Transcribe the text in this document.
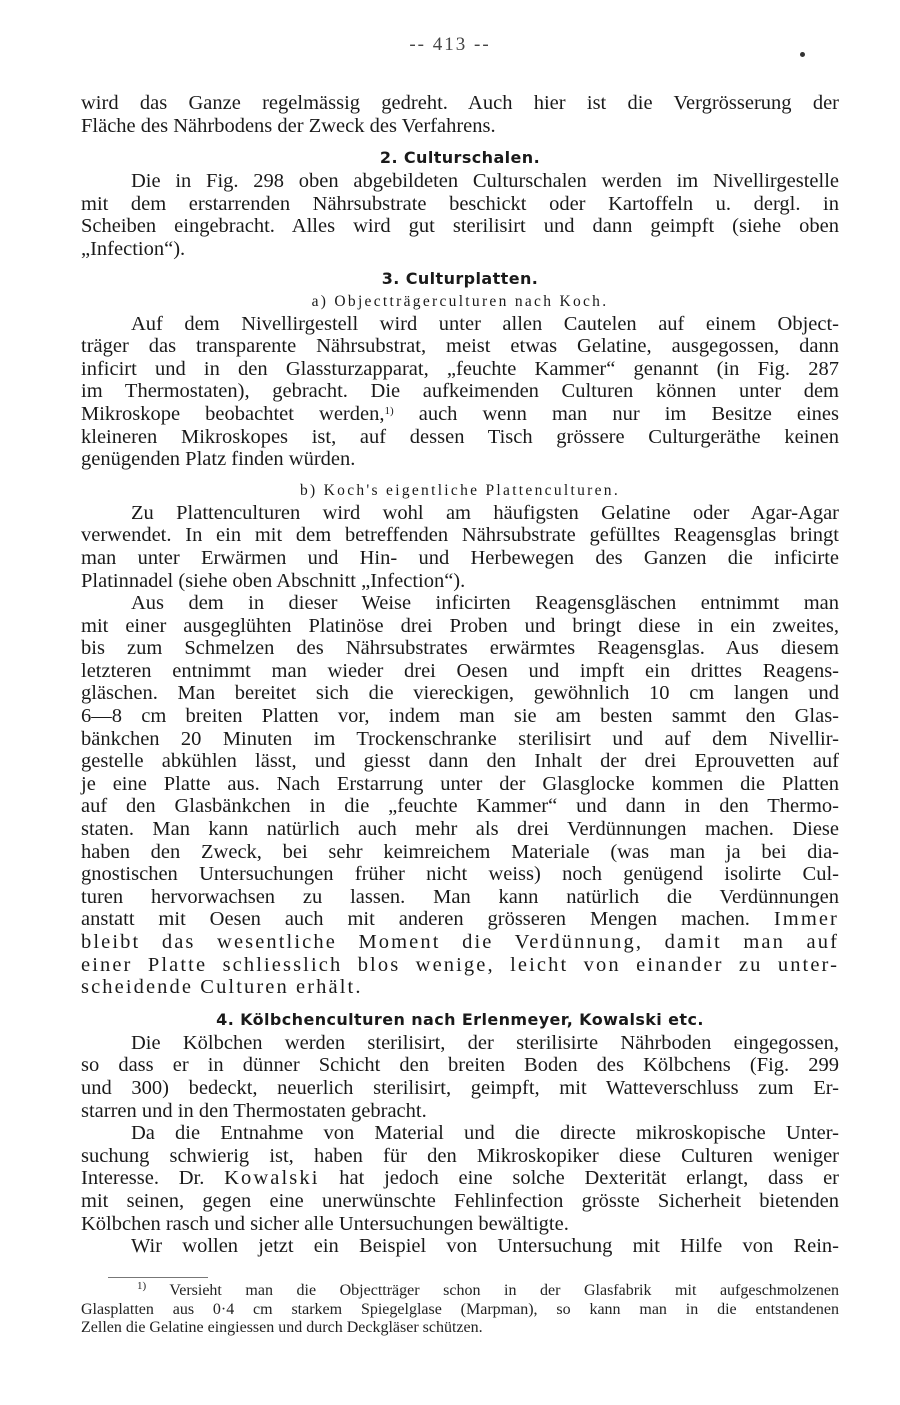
-- 413 --
wird das Ganze regelmässig gedreht. Auch hier ist die Vergrösserung der
Fläche des Nährbodens der Zweck des Verfahrens.
2. Culturschalen.
Die in Fig. 298 oben abgebildeten Culturschalen werden im Nivellirgestelle
mit dem erstarrenden Nährsubstrate beschickt oder Kartoffeln u. dergl. in
Scheiben eingebracht. Alles wird gut sterilisirt und dann geimpft (siehe oben
„Infection“).
3. Culturplatten.
a) Objectträgerculturen nach Koch.
Auf dem Nivellirgestell wird unter allen Cautelen auf einem Object-
träger das transparente Nährsubstrat, meist etwas Gelatine, ausgegossen, dann
inficirt und in den Glassturzapparat, „feuchte Kammer“ genannt (in Fig. 287
im Thermostaten), gebracht. Die aufkeimenden Culturen können unter dem
Mikroskope beobachtet werden,$^{1)}$ auch wenn man nur im Besitze eines
kleineren Mikroskopes ist, auf dessen Tisch grössere Culturgeräthe keinen
genügenden Platz finden würden.
b) Koch's eigentliche Plattenculturen.
Zu Plattenculturen wird wohl am häufigsten Gelatine oder Agar-Agar
verwendet. In ein mit dem betreffenden Nährsubstrate gefülltes Reagensglas bringt
man unter Erwärmen und Hin- und Herbewegen des Ganzen die inficirte
Platinnadel (siehe oben Abschnitt „Infection“).
Aus dem in dieser Weise inficirten Reagensgläschen entnimmt man
mit einer ausgeglühten Platinöse drei Proben und bringt diese in ein zweites,
bis zum Schmelzen des Nährsubstrates erwärmtes Reagensglas. Aus diesem
letzteren entnimmt man wieder drei Oesen und impft ein drittes Reagens-
gläschen. Man bereitet sich die viereckigen, gewöhnlich 10 cm langen und
6—8 cm breiten Platten vor, indem man sie am besten sammt den Glas-
bänkchen 20 Minuten im Trockenschranke sterilisirt und auf dem Nivellir-
gestelle abkühlen lässt, und giesst dann den Inhalt der drei Eprouvetten auf
je eine Platte aus. Nach Erstarrung unter der Glasglocke kommen die Platten
auf den Glasbänkchen in die „feuchte Kammer“ und dann in den Thermo-
staten. Man kann natürlich auch mehr als drei Verdünnungen machen. Diese
haben den Zweck, bei sehr keimreichem Materiale (was man ja bei dia-
gnostischen Untersuchungen früher nicht weiss) noch genügend isolirte Cul-
turen hervorwachsen zu lassen. Man kann natürlich die Verdünnungen
anstatt mit Oesen auch mit anderen grösseren Mengen machen. Immer
bleibt das wesentliche Moment die Verdünnung, damit man auf
einer Platte schliesslich blos wenige, leicht von einander zu unter-
scheidende Culturen erhält.
4. Kölbchenculturen nach Erlenmeyer, Kowalski etc.
Die Kölbchen werden sterilisirt, der sterilisirte Nährboden eingegossen,
so dass er in dünner Schicht den breiten Boden des Kölbchens (Fig. 299
und 300) bedeckt, neuerlich sterilisirt, geimpft, mit Watteverschluss zum Er-
starren und in den Thermostaten gebracht.
Da die Entnahme von Material und die directe mikroskopische Unter-
suchung schwierig ist, haben für den Mikroskopiker diese Culturen weniger
Interesse. Dr. Kowalski hat jedoch eine solche Dexterität erlangt, dass er
mit seinen, gegen eine unerwünschte Fehlinfection grösste Sicherheit bietenden
Kölbchen rasch und sicher alle Untersuchungen bewältigte.
Wir wollen jetzt ein Beispiel von Untersuchung mit Hilfe von Rein-
$^{1)}$ Versieht man die Objectträger schon in der Glasfabrik mit aufgeschmolzenen
Glasplatten aus 0·4 cm starkem Spiegelglase (Marpman), so kann man in die entstandenen
Zellen die Gelatine eingiessen und durch Deckgläser schützen.
